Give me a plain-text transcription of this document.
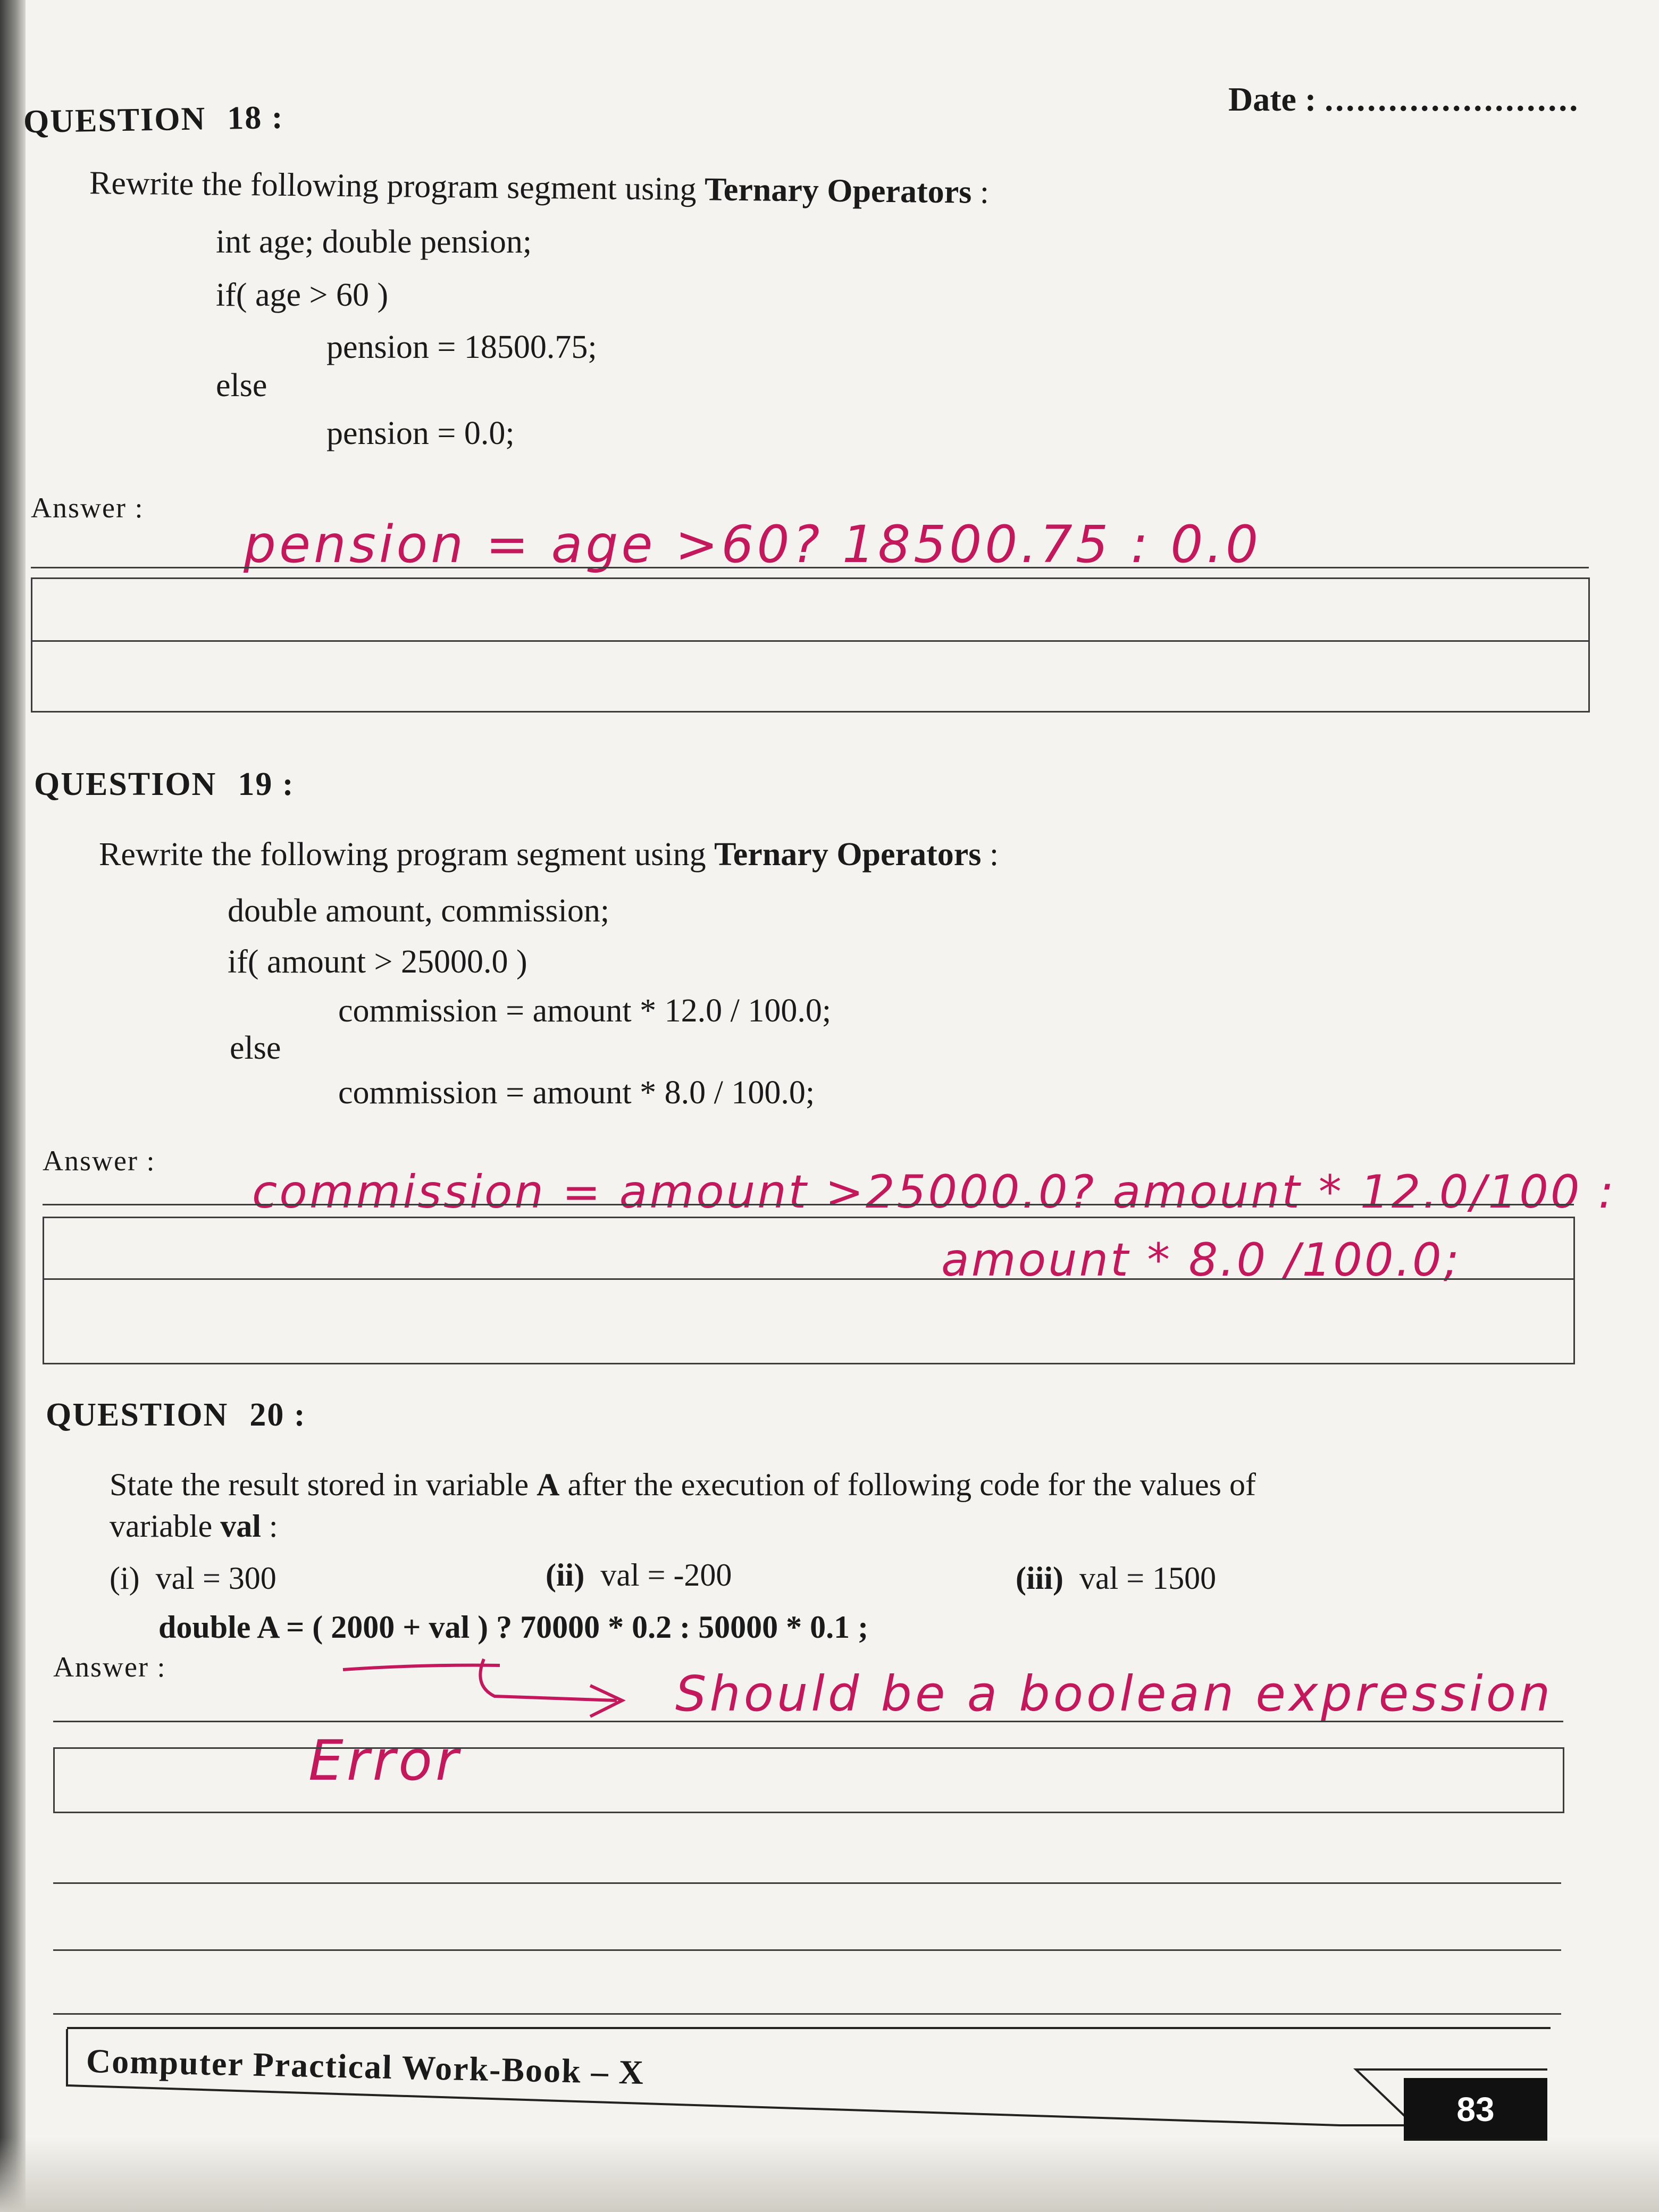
Date : ........................
QUESTION 18 :
Rewrite the following program segment using Ternary Operators :
int age; double pension;
if( age > 60 )
pension = 18500.75;
else
pension = 0.0;
Answer :
pension = age >60? 18500.75 : 0.0
QUESTION 19 :
Rewrite the following program segment using Ternary Operators :
double amount, commission;
if( amount > 25000.0 )
commission = amount * 12.0 / 100.0;
else
commission = amount * 8.0 / 100.0;
Answer :
commission = amount >25000.0? amount * 12.0/100 :
amount * 8.0 /100.0;
QUESTION 20 :
State the result stored in variable A after the execution of following code for the values of
variable val :
(i) val = 300	(ii) val = -200	(iii) val = 1500
double A = ( 2000 + val ) ? 70000 * 0.2 : 50000 * 0.1 ;
Answer :	Should be a boolean expression
Error
Computer Practical Work-Book – X
83
